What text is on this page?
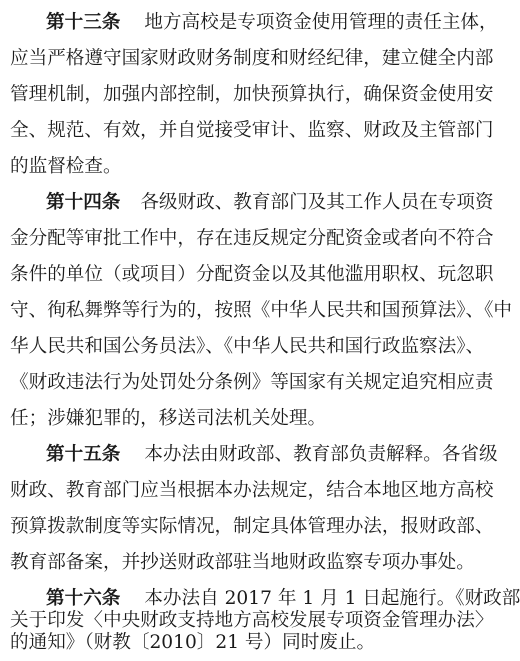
第十三条 地方高校是专项资金使用管理的责任主体，
应当严格遵守国家财政财务制度和财经纪律，建立健全内部
管理机制，加强内部控制，加快预算执行，确保资金使用安
全、规范、有效，并自觉接受审计、监察、财政及主管部门
的监督检查。
第十四条 各级财政、教育部门及其工作人员在专项资
金分配等审批工作中，存在违反规定分配资金或者向不符合
条件的单位（或项目）分配资金以及其他滥用职权、玩忽职
守、徇私舞弊等行为的，按照《中华人民共和国预算法》、《中
华人民共和国公务员法》、《中华人民共和国行政监察法》、
《财政违法行为处罚处分条例》等国家有关规定追究相应责
任；涉嫌犯罪的，移送司法机关处理。
第十五条 本办法由财政部、教育部负责解释。各省级
财政、教育部门应当根据本办法规定，结合本地区地方高校
预算拨款制度等实际情况，制定具体管理办法，报财政部、
教育部备案，并抄送财政部驻当地财政监察专项办事处。
第十六条 本办法自 2017 年 1 月 1 日起施行。《财政部
关于印发〈中央财政支持地方高校发展专项资金管理办法〉
的通知》（财教〔2010〕21 号）同时废止。
